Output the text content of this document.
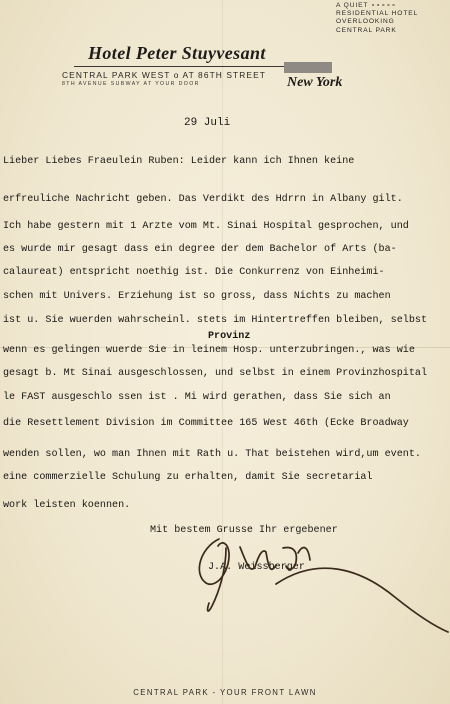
A QUIET ∘∘∘∘∘
RESIDENTIAL HOTEL
OVERLOOKING
CENTRAL PARK
Hotel Peter Stuyvesant
CENTRAL PARK WEST o AT 86TH STREET
8TH AVENUE SUBWAY AT YOUR DOOR	New York
29 Juli
Lieber Liebes Fraeulein Ruben: Leider kann ich Ihnen keine
erfreuliche Nachricht geben. Das Verdikt des Hdrrn in Albany gilt.
Ich habe gestern mit 1 Arzte vom Mt. Sinai Hospital gesprochen, und
es wurde mir gesagt dass ein degree der dem Bachelor of Arts (ba-
calaureat) entspricht noethig ist. Die Conkurrenz von Einheimi-
schen mit Univers. Erziehung ist so gross, dass Nichts zu machen
ist u. Sie wuerden wahrscheinl. stets im Hintertreffen bleiben, selbst
Provinz
wenn es gelingen wuerde Sie in leinem Hosp. unterzubringen., was wie
gesagt b. Mt Sinai ausgeschlossen, und selbst in einem Provinzhospital
le FAST ausgeschlo ssen ist . Mi wird gerathen, dass Sie sich an
die Resettlement Division im Committee 165 West 46th (Ecke Broadway
wenden sollen, wo man Ihnen mit Rath u. That beistehen wird,um event.
eine commerzielle Schulung zu erhalten, damit Sie secretarial
work leisten koennen.
Mit bestem Grusse Ihr ergebener
J.A. Weissberger
CENTRAL PARK - YOUR FRONT LAWN
